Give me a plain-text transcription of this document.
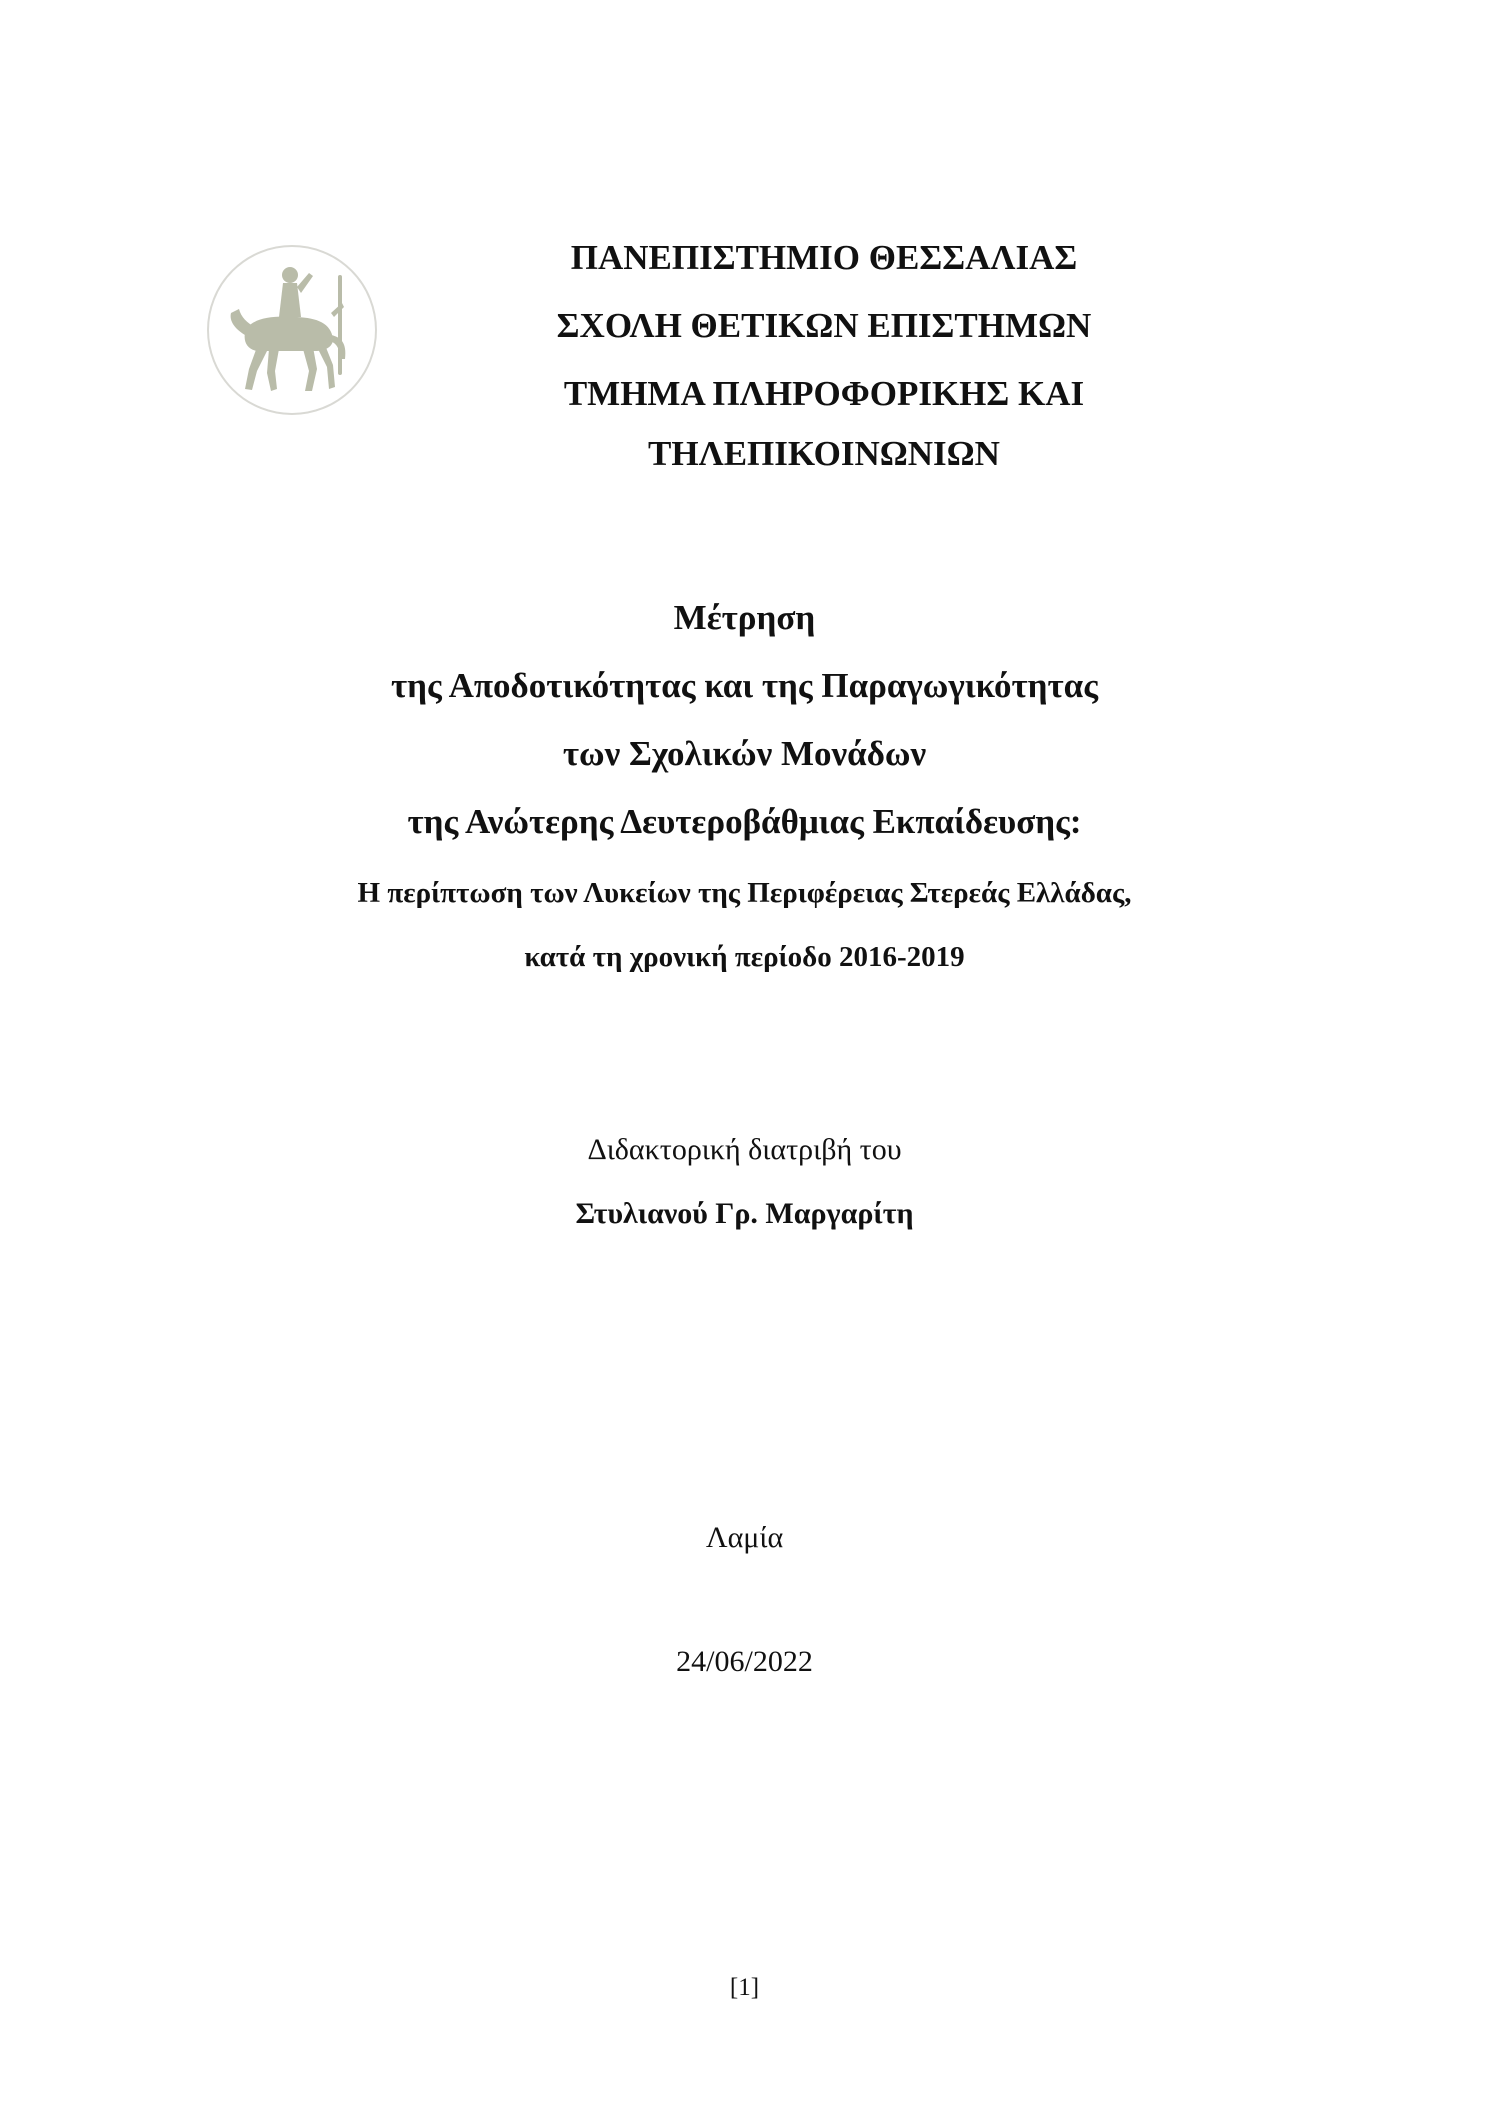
ΠΑΝΕΠΙΣΤΗΜΙΟ ΘΕΣΣΑΛΙΑΣ
ΣΧΟΛΗ ΘΕΤΙΚΩΝ ΕΠΙΣΤΗΜΩΝ
ΤΜΗΜΑ ΠΛΗΡΟΦΟΡΙΚΗΣ ΚΑΙ
ΤΗΛΕΠΙΚΟΙΝΩΝΙΩΝ
Μέτρηση
της Αποδοτικότητας και της Παραγωγικότητας
των Σχολικών Μονάδων
της Ανώτερης Δευτεροβάθμιας Εκπαίδευσης:
Η περίπτωση των Λυκείων της Περιφέρειας Στερεάς Ελλάδας,
κατά τη χρονική περίοδο 2016-2019
Διδακτορική διατριβή του
Στυλιανού Γρ. Μαργαρίτη
Λαμία
24/06/2022
[1]
